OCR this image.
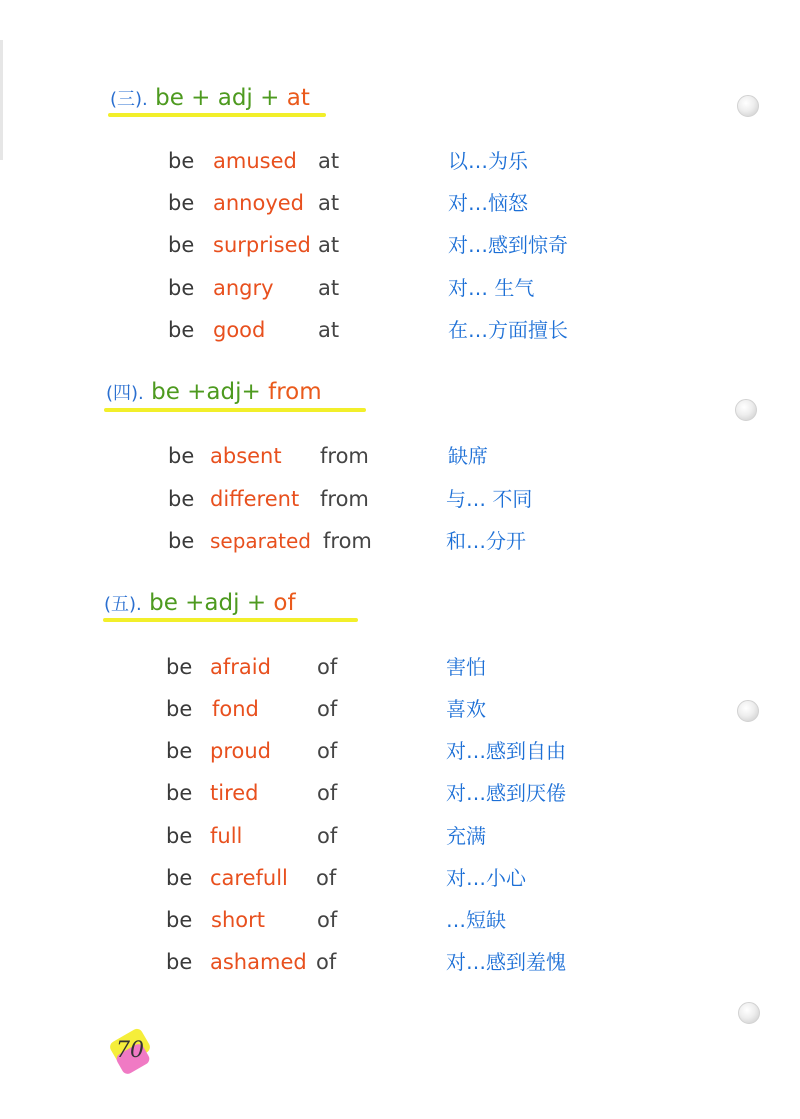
(三). be + adj + at
be amused at	以…为乐
be annoyed at	对…恼怒
be surprised at	对…感到惊奇
be angry at	对… 生气
be good	at	在…方面擅长
(四). be +adj+ from
be absent from	缺席
be different from	与… 不同
be separated from	和…分开
(五). be +adj + of
be afraid of	害怕
be fond	of	喜欢
be proud of	对…感到自由
be tired	of	对…感到厌倦
be full	of	充满
be carefull of	对…小心
be short of	…短缺
be ashamed of	对…感到羞愧
70
